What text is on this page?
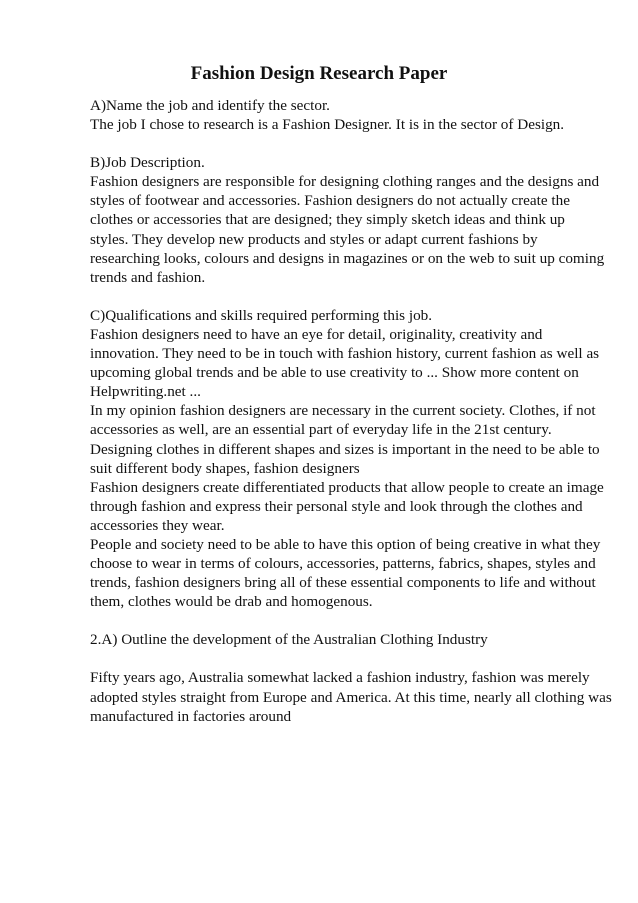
Fashion Design Research Paper
A)Name the job and identify the sector.
The job I chose to research is a Fashion Designer. It is in the sector of Design.
B)Job Description.
Fashion designers are responsible for designing clothing ranges and the designs and
styles of footwear and accessories. Fashion designers do not actually create the
clothes or accessories that are designed; they simply sketch ideas and think up
styles. They develop new products and styles or adapt current fashions by
researching looks, colours and designs in magazines or on the web to suit up coming
trends and fashion.
C)Qualifications and skills required performing this job.
Fashion designers need to have an eye for detail, originality, creativity and
innovation. They need to be in touch with fashion history, current fashion as well as
upcoming global trends and be able to use creativity to ... Show more content on
Helpwriting.net ...
In my opinion fashion designers are necessary in the current society. Clothes, if not
accessories as well, are an essential part of everyday life in the 21st century.
Designing clothes in different shapes and sizes is important in the need to be able to
suit different body shapes, fashion designers
Fashion designers create differentiated products that allow people to create an image
through fashion and express their personal style and look through the clothes and
accessories they wear.
People and society need to be able to have this option of being creative in what they
choose to wear in terms of colours, accessories, patterns, fabrics, shapes, styles and
trends, fashion designers bring all of these essential components to life and without
them, clothes would be drab and homogenous.
2.A) Outline the development of the Australian Clothing Industry
Fifty years ago, Australia somewhat lacked a fashion industry, fashion was merely
adopted styles straight from Europe and America. At this time, nearly all clothing was
manufactured in factories around
